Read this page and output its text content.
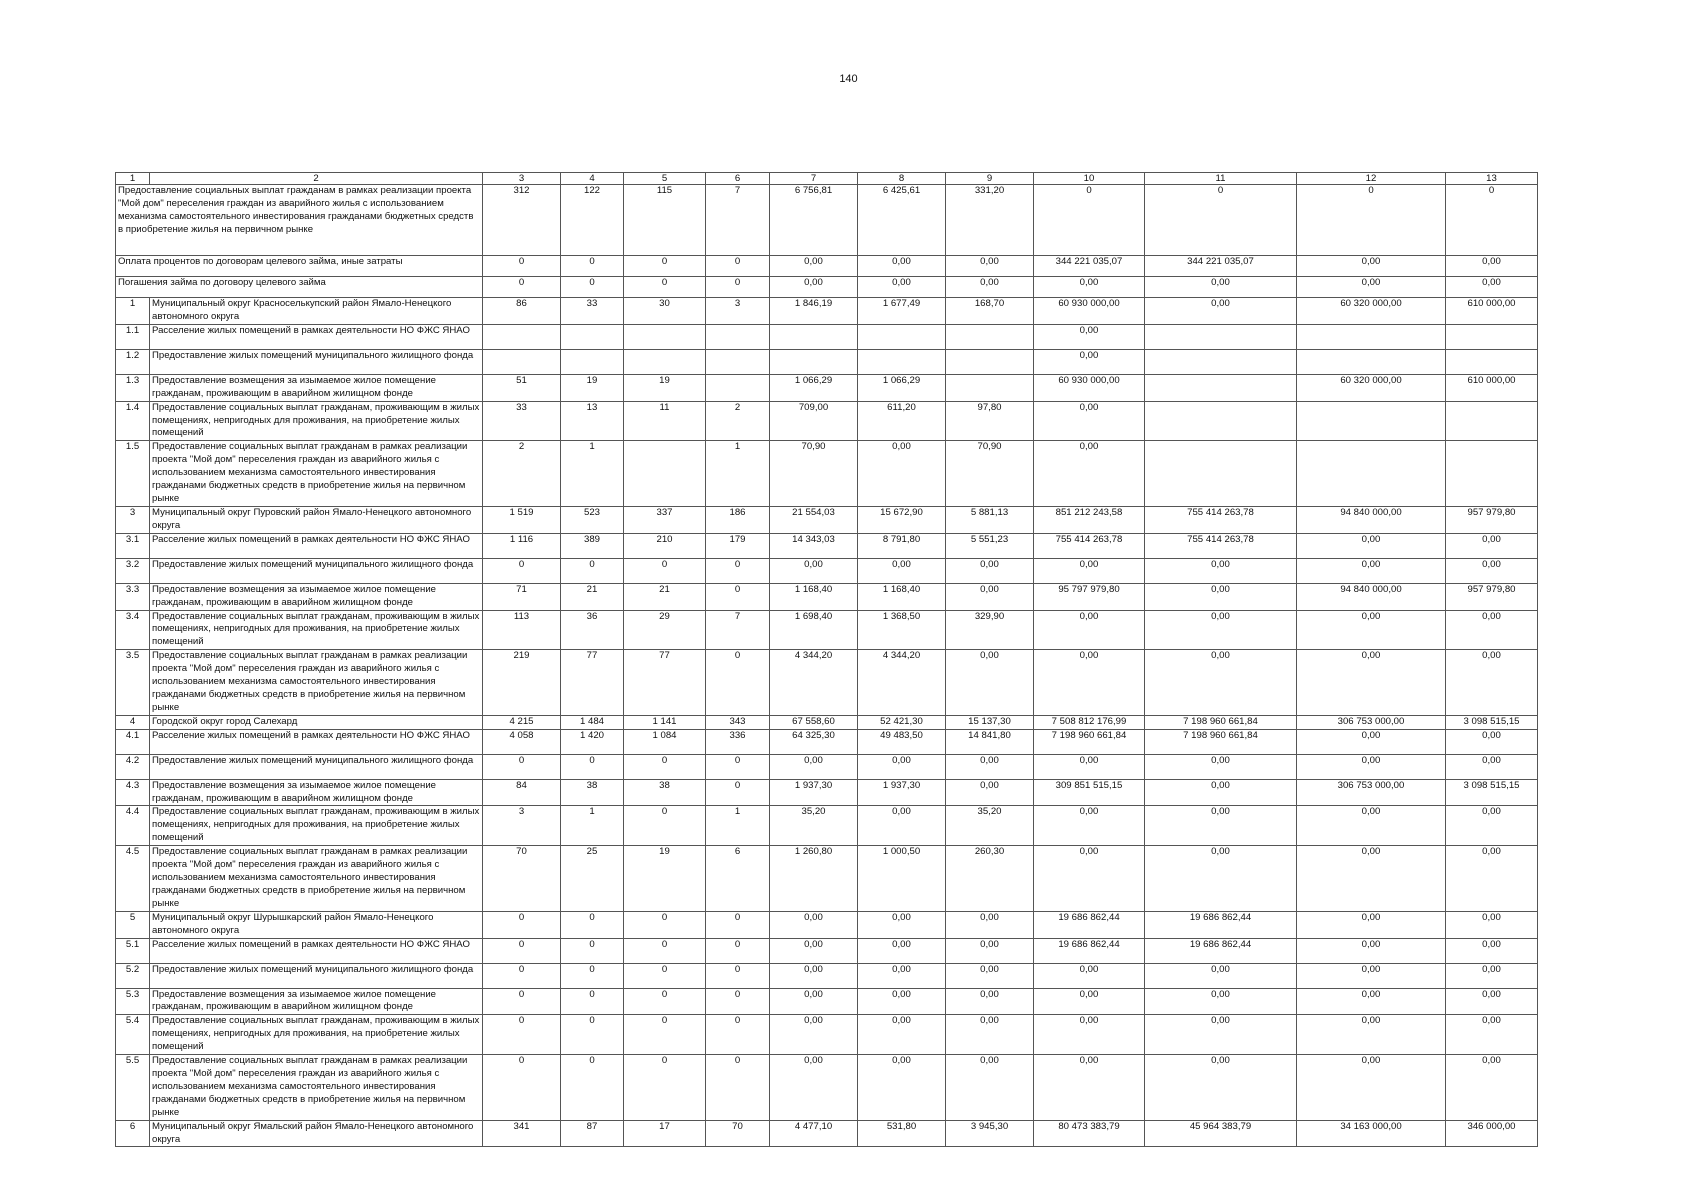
140
1	2	3	4	5	6	7	8	9	10	11	12	13
Предоставление социальных выплат гражданам в рамках реализации проекта "Мой дом" переселения граждан из аварийного жилья с использованием механизма самостоятельного инвестирования гражданами бюджетных средств в приобретение жилья на первичном рынке		312	122	115	7	6 756,81	6 425,61	331,20	0	0	0	0
Оплата процентов по договорам целевого займа, иные затраты		0	0	0	0	0,00	0,00	0,00	344 221 035,07	344 221 035,07	0,00	0,00
Погашения займа по договору целевого займа		0	0	0	0	0,00	0,00	0,00	0,00	0,00	0,00	0,00
1	Муниципальный округ Красноселькупский район Ямало-Ненецкого автономного округа	86	33	30	3	1 846,19	1 677,49	168,70	60 930 000,00	0,00	60 320 000,00	610 000,00
1.1	Расселение жилых помещений в рамках деятельности НО ФЖС ЯНАО								0,00			
1.2	Предоставление жилых помещений муниципального жилищного фонда								0,00			
1.3	Предоставление возмещения за изымаемое жилое помещение гражданам, проживающим в аварийном жилищном фонде	51	19	19		1 066,29	1 066,29		60 930 000,00		60 320 000,00	610 000,00
1.4	Предоставление социальных выплат гражданам, проживающим в жилых помещениях, непригодных для проживания, на приобретение жилых помещений	33	13	11	2	709,00	611,20	97,80	0,00			
1.5	Предоставление социальных выплат гражданам в рамках реализации проекта "Мой дом" переселения граждан из аварийного жилья с использованием механизма самостоятельного инвестирования гражданами бюджетных средств в приобретение жилья на первичном рынке	2	1		1	70,90	0,00	70,90	0,00			
3	Муниципальный округ Пуровский район Ямало-Ненецкого автономного округа	1 519	523	337	186	21 554,03	15 672,90	5 881,13	851 212 243,58	755 414 263,78	94 840 000,00	957 979,80
3.1	Расселение жилых помещений в рамках деятельности НО ФЖС ЯНАО	1 116	389	210	179	14 343,03	8 791,80	5 551,23	755 414 263,78	755 414 263,78	0,00	0,00
3.2	Предоставление жилых помещений муниципального жилищного фонда	0	0	0	0	0,00	0,00	0,00	0,00	0,00	0,00	0,00
3.3	Предоставление возмещения за изымаемое жилое помещение гражданам, проживающим в аварийном жилищном фонде	71	21	21	0	1 168,40	1 168,40	0,00	95 797 979,80	0,00	94 840 000,00	957 979,80
3.4	Предоставление социальных выплат гражданам, проживающим в жилых помещениях, непригодных для проживания, на приобретение жилых помещений	113	36	29	7	1 698,40	1 368,50	329,90	0,00	0,00	0,00	0,00
3.5	Предоставление социальных выплат гражданам в рамках реализации проекта "Мой дом" переселения граждан из аварийного жилья с использованием механизма самостоятельного инвестирования гражданами бюджетных средств в приобретение жилья на первичном рынке	219	77	77	0	4 344,20	4 344,20	0,00	0,00	0,00	0,00	0,00
4	Городской округ город Салехард	4 215	1 484	1 141	343	67 558,60	52 421,30	15 137,30	7 508 812 176,99	7 198 960 661,84	306 753 000,00	3 098 515,15
4.1	Расселение жилых помещений в рамках деятельности НО ФЖС ЯНАО	4 058	1 420	1 084	336	64 325,30	49 483,50	14 841,80	7 198 960 661,84	7 198 960 661,84	0,00	0,00
4.2	Предоставление жилых помещений муниципального жилищного фонда	0	0	0	0	0,00	0,00	0,00	0,00	0,00	0,00	0,00
4.3	Предоставление возмещения за изымаемое жилое помещение гражданам, проживающим в аварийном жилищном фонде	84	38	38	0	1 937,30	1 937,30	0,00	309 851 515,15	0,00	306 753 000,00	3 098 515,15
4.4	Предоставление социальных выплат гражданам, проживающим в жилых помещениях, непригодных для проживания, на приобретение жилых помещений	3	1	0	1	35,20	0,00	35,20	0,00	0,00	0,00	0,00
4.5	Предоставление социальных выплат гражданам в рамках реализации проекта "Мой дом" переселения граждан из аварийного жилья с использованием механизма самостоятельного инвестирования гражданами бюджетных средств в приобретение жилья на первичном рынке	70	25	19	6	1 260,80	1 000,50	260,30	0,00	0,00	0,00	0,00
5	Муниципальный округ Шурышкарский район Ямало-Ненецкого автономного округа	0	0	0	0	0,00	0,00	0,00	19 686 862,44	19 686 862,44	0,00	0,00
5.1	Расселение жилых помещений в рамках деятельности НО ФЖС ЯНАО	0	0	0	0	0,00	0,00	0,00	19 686 862,44	19 686 862,44	0,00	0,00
5.2	Предоставление жилых помещений муниципального жилищного фонда	0	0	0	0	0,00	0,00	0,00	0,00	0,00	0,00	0,00
5.3	Предоставление возмещения за изымаемое жилое помещение гражданам, проживающим в аварийном жилищном фонде	0	0	0	0	0,00	0,00	0,00	0,00	0,00	0,00	0,00
5.4	Предоставление социальных выплат гражданам, проживающим в жилых помещениях, непригодных для проживания, на приобретение жилых помещений	0	0	0	0	0,00	0,00	0,00	0,00	0,00	0,00	0,00
5.5	Предоставление социальных выплат гражданам в рамках реализации проекта "Мой дом" переселения граждан из аварийного жилья с использованием механизма самостоятельного инвестирования гражданами бюджетных средств в приобретение жилья на первичном рынке	0	0	0	0	0,00	0,00	0,00	0,00	0,00	0,00	0,00
6	Муниципальный округ Ямальский район Ямало-Ненецкого автономного округа	341	87	17	70	4 477,10	531,80	3 945,30	80 473 383,79	45 964 383,79	34 163 000,00	346 000,00
